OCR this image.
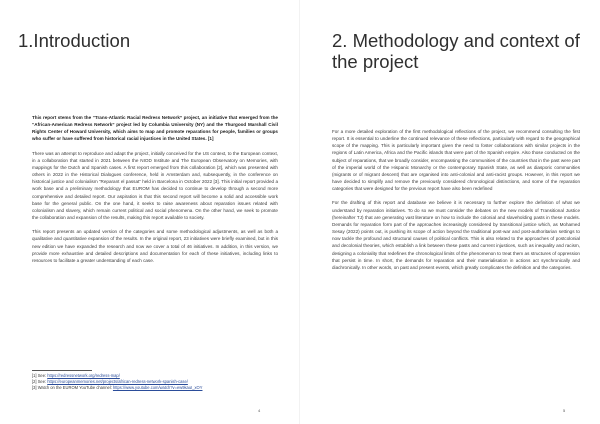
1.Introduction

This report stems from the “Trans-Atlantic Racial Redress Network” project, an initiative that emerged from the “African-American Redress Network” project led by Columbia University (NY) and the Thurgood Marshall Civil Rights Center of Howard University, which aims to map and promote reparations for people, families or groups who suffer or have suffered from historical racial injustices in the United States. [1]

There was an attempt to reproduce and adapt the project, initially conceived for the US context, to the European context, in a collaboration that started in 2021 between the NIOD Institute and The European Observatory on Memories, with mappings for the Dutch and Spanish cases. A first report emerged from this collaboration [2], which was presented with others in 2022 in the Historical Dialogues conference, held in Amsterdam and, subsequently, in the conference on historical justice and colonialism “Reparant el passat” held in Barcelona in October 2022 [3]. This initial report provided a work base and a preliminary methodology that EUROM has decided to continue to develop through a second more comprehensive and detailed report. Our aspiration is that this second report will become a solid and accessible work base for the general public. On the one hand, it seeks to raise awareness about reparation issues related with colonialism and slavery, which remain current political and social phenomena. On the other hand, we seek to promote the collaboration and expansion of the results, making this report available to society.

This report presents an updated version of the categories and some methodological adjustments, as well as both a qualitative and quantitative expansion of the results. In the original report, 23 initiatives were briefly examined, but in this new edition we have expanded the research and now we cover a total of 46 initiatives. In addition, in this version, we provide more exhaustive and detailed descriptions and documentation for each of these initiatives, including links to resources to facilitate a greater understanding of each case.

[1] See: https://redressnetwork.org/redress-map/

[2] See: https://europeanmemories.net/projects/african-redress-network-spanish-case/

[3] Watch on the EUROM YouTube channel: https://www.youtube.com/watch?v=ew9kauI_xOY

4
2. Methodology and context of the project

For a more detailed exploration of the first methodological reflections of the project, we recommend consulting the first report. It is essential to underline the continued relevance of these reflections, particularly with regard to the geographical scope of the mapping. This is particularly important given the need to foster collaborations with similar projects in the regions of Latin America, Africa and the Pacific islands that were part of the Spanish empire. Also those conducted on the subject of reparations, that we broadly consider, encompassing the communities of the countries that in the past were part of the imperial world of the Hispanic Monarchy or the contemporary Spanish State, as well as diasporic communities (migrants or of migrant descent) that are organised into anti-colonial and anti-racist groups. However, in this report we have decided to simplify and remove the previously considered chronological distinctions, and some of the reparation categories that were designed for the previous report have also been redefined

For the drafting of this report and database we believe it is necessary to further explore the definition of what we understand by reparation initiatives. To do so we must consider the debates on the new models of Transitional Justice (hereinafter TJ) that are generating vast literature on how to include the colonial and slaveholding pasts in these models. Demands for reparation form part of the approaches increasingly considered by transitional justice which, as Mohamed Sesay (2022) points out, is pushing its scope of action beyond the traditional post-war and post-authoritarian settings to now tackle the profound and structural causes of political conflicts. This is also related to the approaches of postcolonial and decolonial theories, which establish a link between these pasts and current injustices, such as inequality and racism, designing a coloniality that redefines the chronological limits of the phenomenon to treat them as structures of oppression that persist in time. In short, the demands for reparation and their materialisation in actions act synchronically and diachronically. In other words, on past and present events, which greatly complicates the definition and the categories.

5
